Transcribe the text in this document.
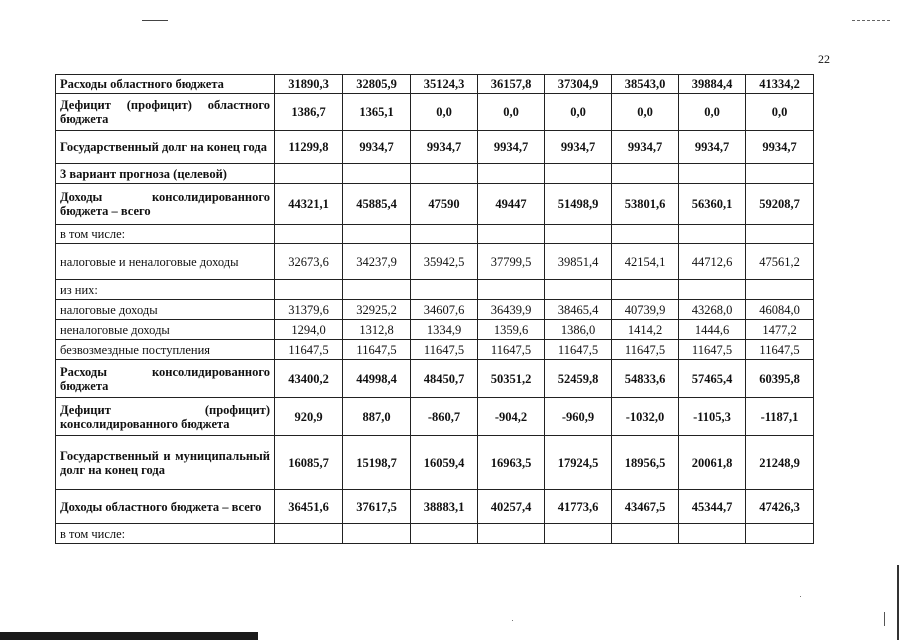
22
Расходы областного бюджета	31890,3	32805,9	35124,3	36157,8	37304,9	38543,0	39884,4	41334,2
Дефицит (профицит) областного бюджета	1386,7	1365,1	0,0	0,0	0,0	0,0	0,0	0,0
Государственный долг на конец года	11299,8	9934,7	9934,7	9934,7	9934,7	9934,7	9934,7	9934,7
3 вариант прогноза (целевой)								
Доходы консолидированного бюджета – всего	44321,1	45885,4	47590	49447	51498,9	53801,6	56360,1	59208,7
в том числе:								
налоговые и неналоговые доходы	32673,6	34237,9	35942,5	37799,5	39851,4	42154,1	44712,6	47561,2
из них:								
налоговые доходы	31379,6	32925,2	34607,6	36439,9	38465,4	40739,9	43268,0	46084,0
неналоговые доходы	1294,0	1312,8	1334,9	1359,6	1386,0	1414,2	1444,6	1477,2
безвозмездные поступления	11647,5	11647,5	11647,5	11647,5	11647,5	11647,5	11647,5	11647,5
Расходы консолидированного бюджета	43400,2	44998,4	48450,7	50351,2	52459,8	54833,6	57465,4	60395,8
Дефицит (профицит) консолидированного бюджета	920,9	887,0	-860,7	-904,2	-960,9	-1032,0	-1105,3	-1187,1
Государственный и муниципальный долг на конец года	16085,7	15198,7	16059,4	16963,5	17924,5	18956,5	20061,8	21248,9
Доходы областного бюджета – всего	36451,6	37617,5	38883,1	40257,4	41773,6	43467,5	45344,7	47426,3
в том числе:								
